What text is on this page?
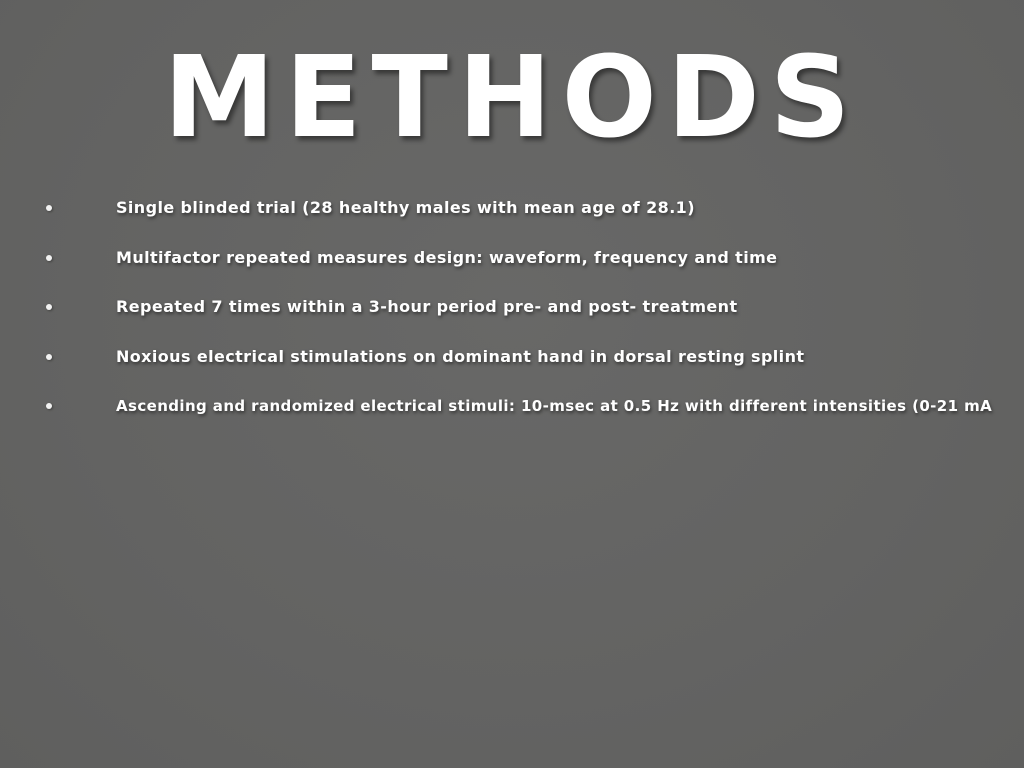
METHODS
Single blinded trial (28 healthy males with mean age of 28.1)
Multifactor repeated measures design: waveform, frequency and time
Repeated 7 times within a 3-hour period pre- and post- treatment
Noxious electrical stimulations on dominant hand in dorsal resting splint
Ascending and randomized electrical stimuli: 10-msec at 0.5 Hz with different intensities (0-21 mA
